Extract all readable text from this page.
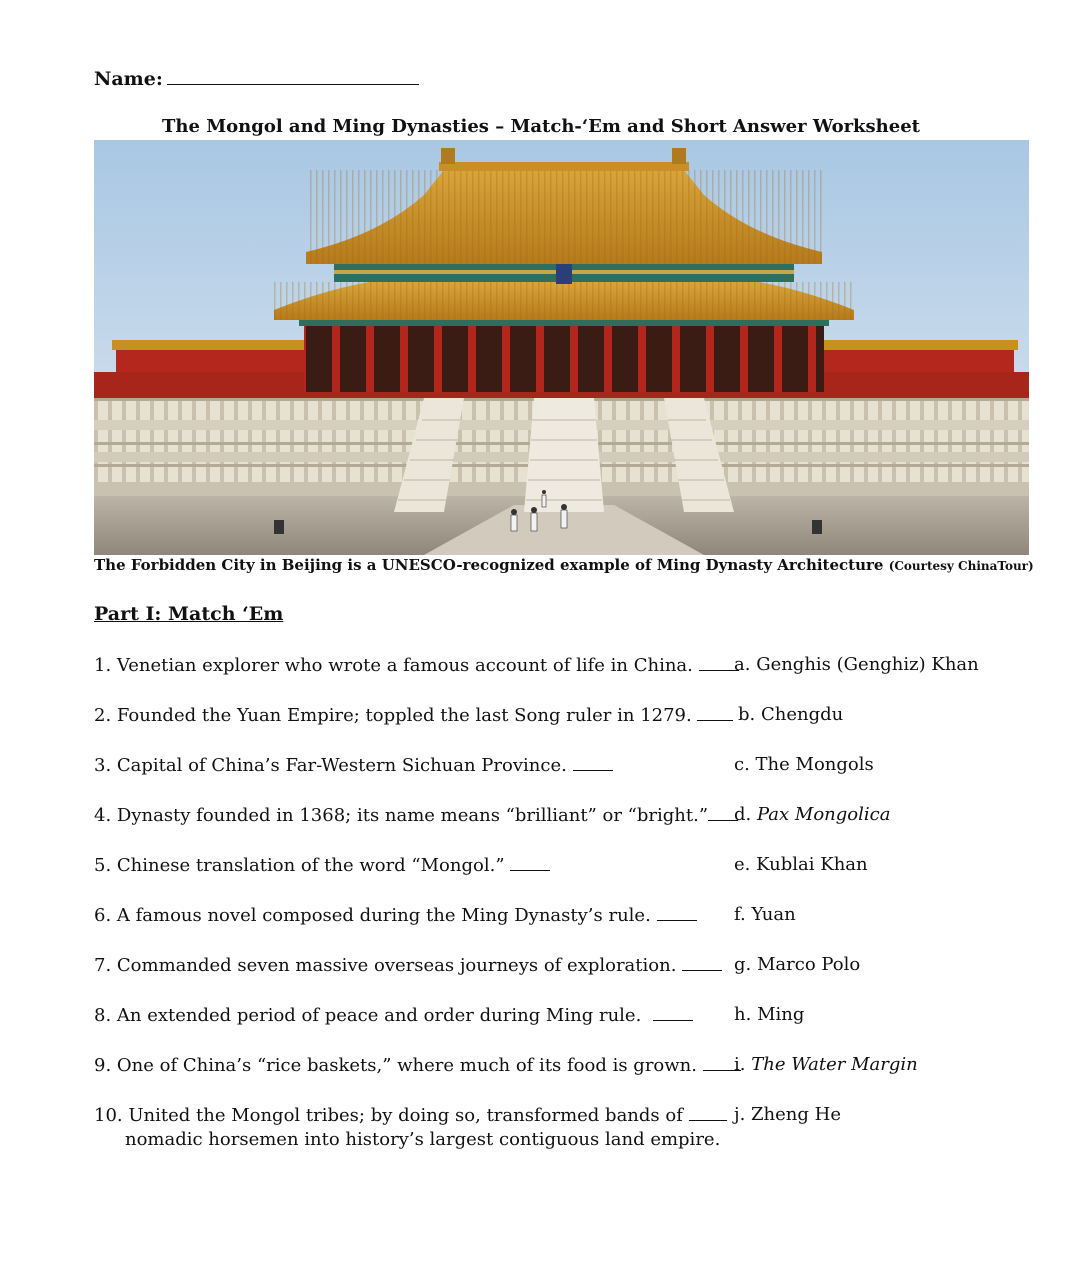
Name:
The Mongol and Ming Dynasties – Match-‘Em and Short Answer Worksheet
The Forbidden City in Beijing is a UNESCO-recognized example of Ming Dynasty Architecture (Courtesy ChinaTour)
Part I: Match ‘Em
1. Venetian explorer who wrote a famous account of life in China.
2. Founded the Yuan Empire; toppled the last Song ruler in 1279.
3. Capital of China’s Far-Western Sichuan Province.
4. Dynasty founded in 1368; its name means “brilliant” or “bright.”
5. Chinese translation of the word “Mongol.”
6. A famous novel composed during the Ming Dynasty’s rule.
7. Commanded seven massive overseas journeys of exploration.
8. An extended period of peace and order during Ming rule.
9. One of China’s “rice baskets,” where much of its food is grown.
10. United the Mongol tribes; by doing so, transformed bands of
nomadic horsemen into history’s largest contiguous land empire.
a. Genghis (Genghiz) Khan
b. Chengdu
c. The Mongols
d. Pax Mongolica
e. Kublai Khan
f. Yuan
g. Marco Polo
h. Ming
i. The Water Margin
j. Zheng He
